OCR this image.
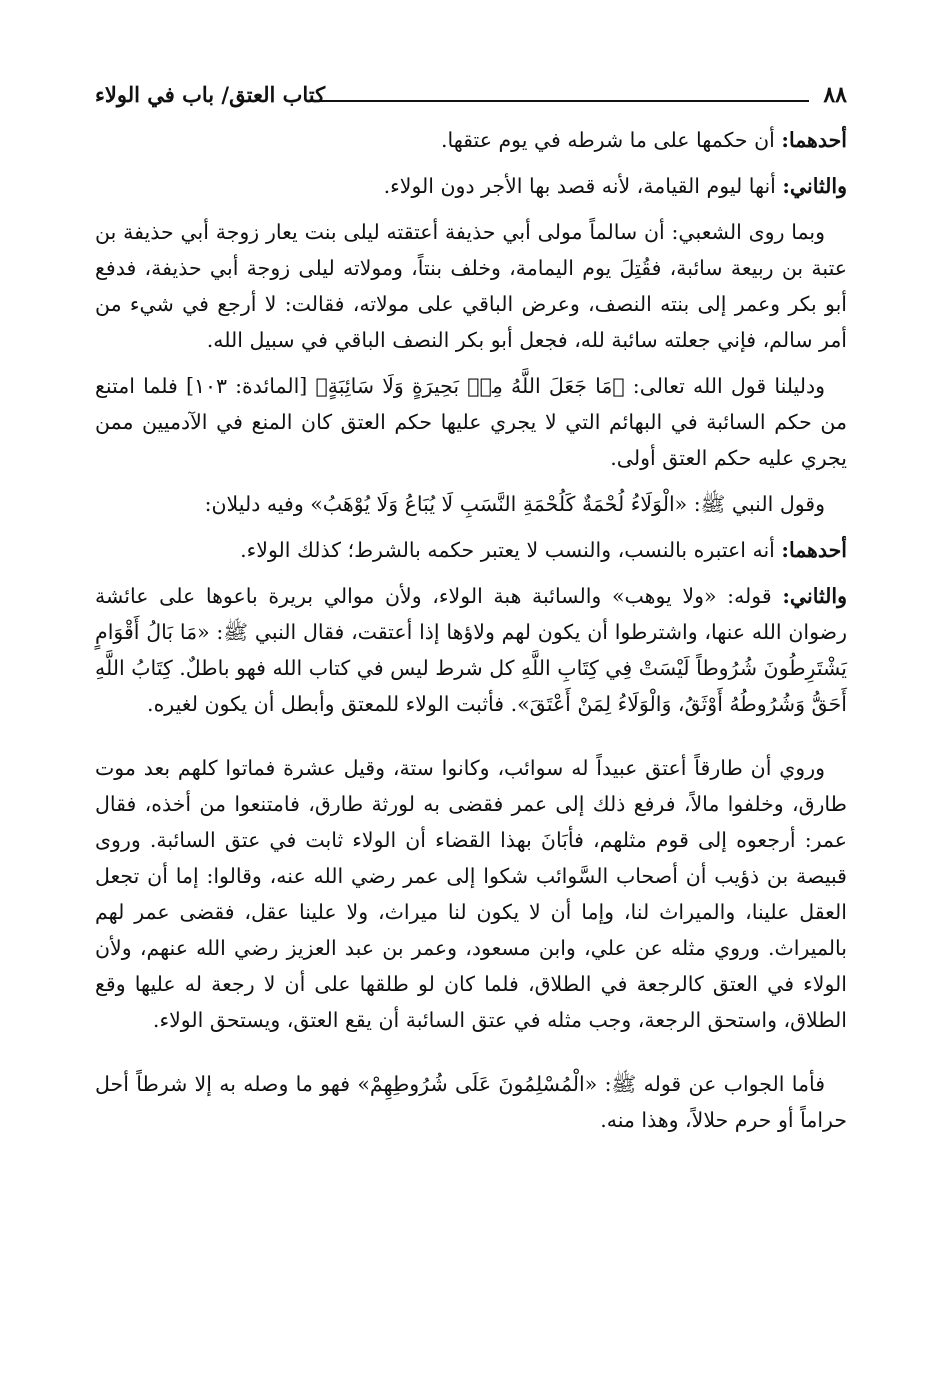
٨٨
كتاب العتق/ باب في الولاء

أحدهما: أن حكمها على ما شرطه في يوم عتقها.

والثاني: أنها ليوم القيامة، لأنه قصد بها الأجر دون الولاء.

وبما روى الشعبي: أن سالماً مولى أبي حذيفة أعتقته ليلى بنت يعار زوجة أبي حذيفة بن عتبة بن ربيعة سائبة، فقُتِلَ يوم اليمامة، وخلف بنتاً، ومولاته ليلى زوجة أبي حذيفة، فدفع أبو بكر وعمر إلى بنته النصف، وعرض الباقي على مولاته، فقالت: لا أرجع في شيء من أمر سالم، فإني جعلته سائبة لله، فجعل أبو بكر النصف الباقي في سبيل الله.

ودليلنا قول الله تعالى: ﴿مَا جَعَلَ اللَّهُ مِنۢ بَحِيرَةٍ وَلَا سَائِبَةٍ﴾ [المائدة: ١٠٣] فلما امتنع من حكم السائبة في البهائم التي لا يجري عليها حكم العتق كان المنع في الآدميين ممن يجري عليه حكم العتق أولى.

وقول النبي ﷺ: «الْوَلَاءُ لُحْمَةٌ كَلُحْمَةِ النَّسَبِ لَا يُبَاعُ وَلَا يُوْهَبُ» وفيه دليلان:

أحدهما: أنه اعتبره بالنسب، والنسب لا يعتبر حكمه بالشرط؛ كذلك الولاء.

والثاني: قوله: «ولا يوهب» والسائبة هبة الولاء، ولأن موالي بريرة باعوها على عائشة رضوان الله عنها، واشترطوا أن يكون لهم ولاؤها إذا أعتقت، فقال النبي ﷺ: «مَا بَالُ أَقْوَامٍ يَشْتَرِطُونَ شُرُوطاً لَيْسَتْ فِي كِتَابِ اللَّهِ كل شرط ليس في كتاب الله فهو باطلٌ. كِتَابُ اللَّهِ أَحَقُّ وَشُرُوطُهُ أَوْثَقُ، وَالْوَلَاءُ لِمَنْ أَعْتَقَ». فأثبت الولاء للمعتق وأبطل أن يكون لغيره.

وروي أن طارقاً أعتق عبيداً له سوائب، وكانوا ستة، وقيل عشرة فماتوا كلهم بعد موت طارق، وخلفوا مالاً، فرفع ذلك إلى عمر فقضى به لورثة طارق، فامتنعوا من أخذه، فقال عمر: أرجعوه إلى قوم مثلهم، فأبَانَ بهذا القضاء أن الولاء ثابت في عتق السائبة. وروى قبيصة بن ذؤيب أن أصحاب السَّوائب شكوا إلى عمر رضي الله عنه، وقالوا: إما أن تجعل العقل علينا، والميراث لنا، وإما أن لا يكون لنا ميراث، ولا علينا عقل، فقضى عمر لهم بالميراث. وروي مثله عن علي، وابن مسعود، وعمر بن عبد العزيز رضي الله عنهم، ولأن الولاء في العتق كالرجعة في الطلاق، فلما كان لو طلقها على أن لا رجعة له عليها وقع الطلاق، واستحق الرجعة، وجب مثله في عتق السائبة أن يقع العتق، ويستحق الولاء.

فأما الجواب عن قوله ﷺ: «الْمُسْلِمُونَ عَلَى شُرُوطِهِمْ» فهو ما وصله به إلا شرطاً أحل حراماً أو حرم حلالاً، وهذا منه.
